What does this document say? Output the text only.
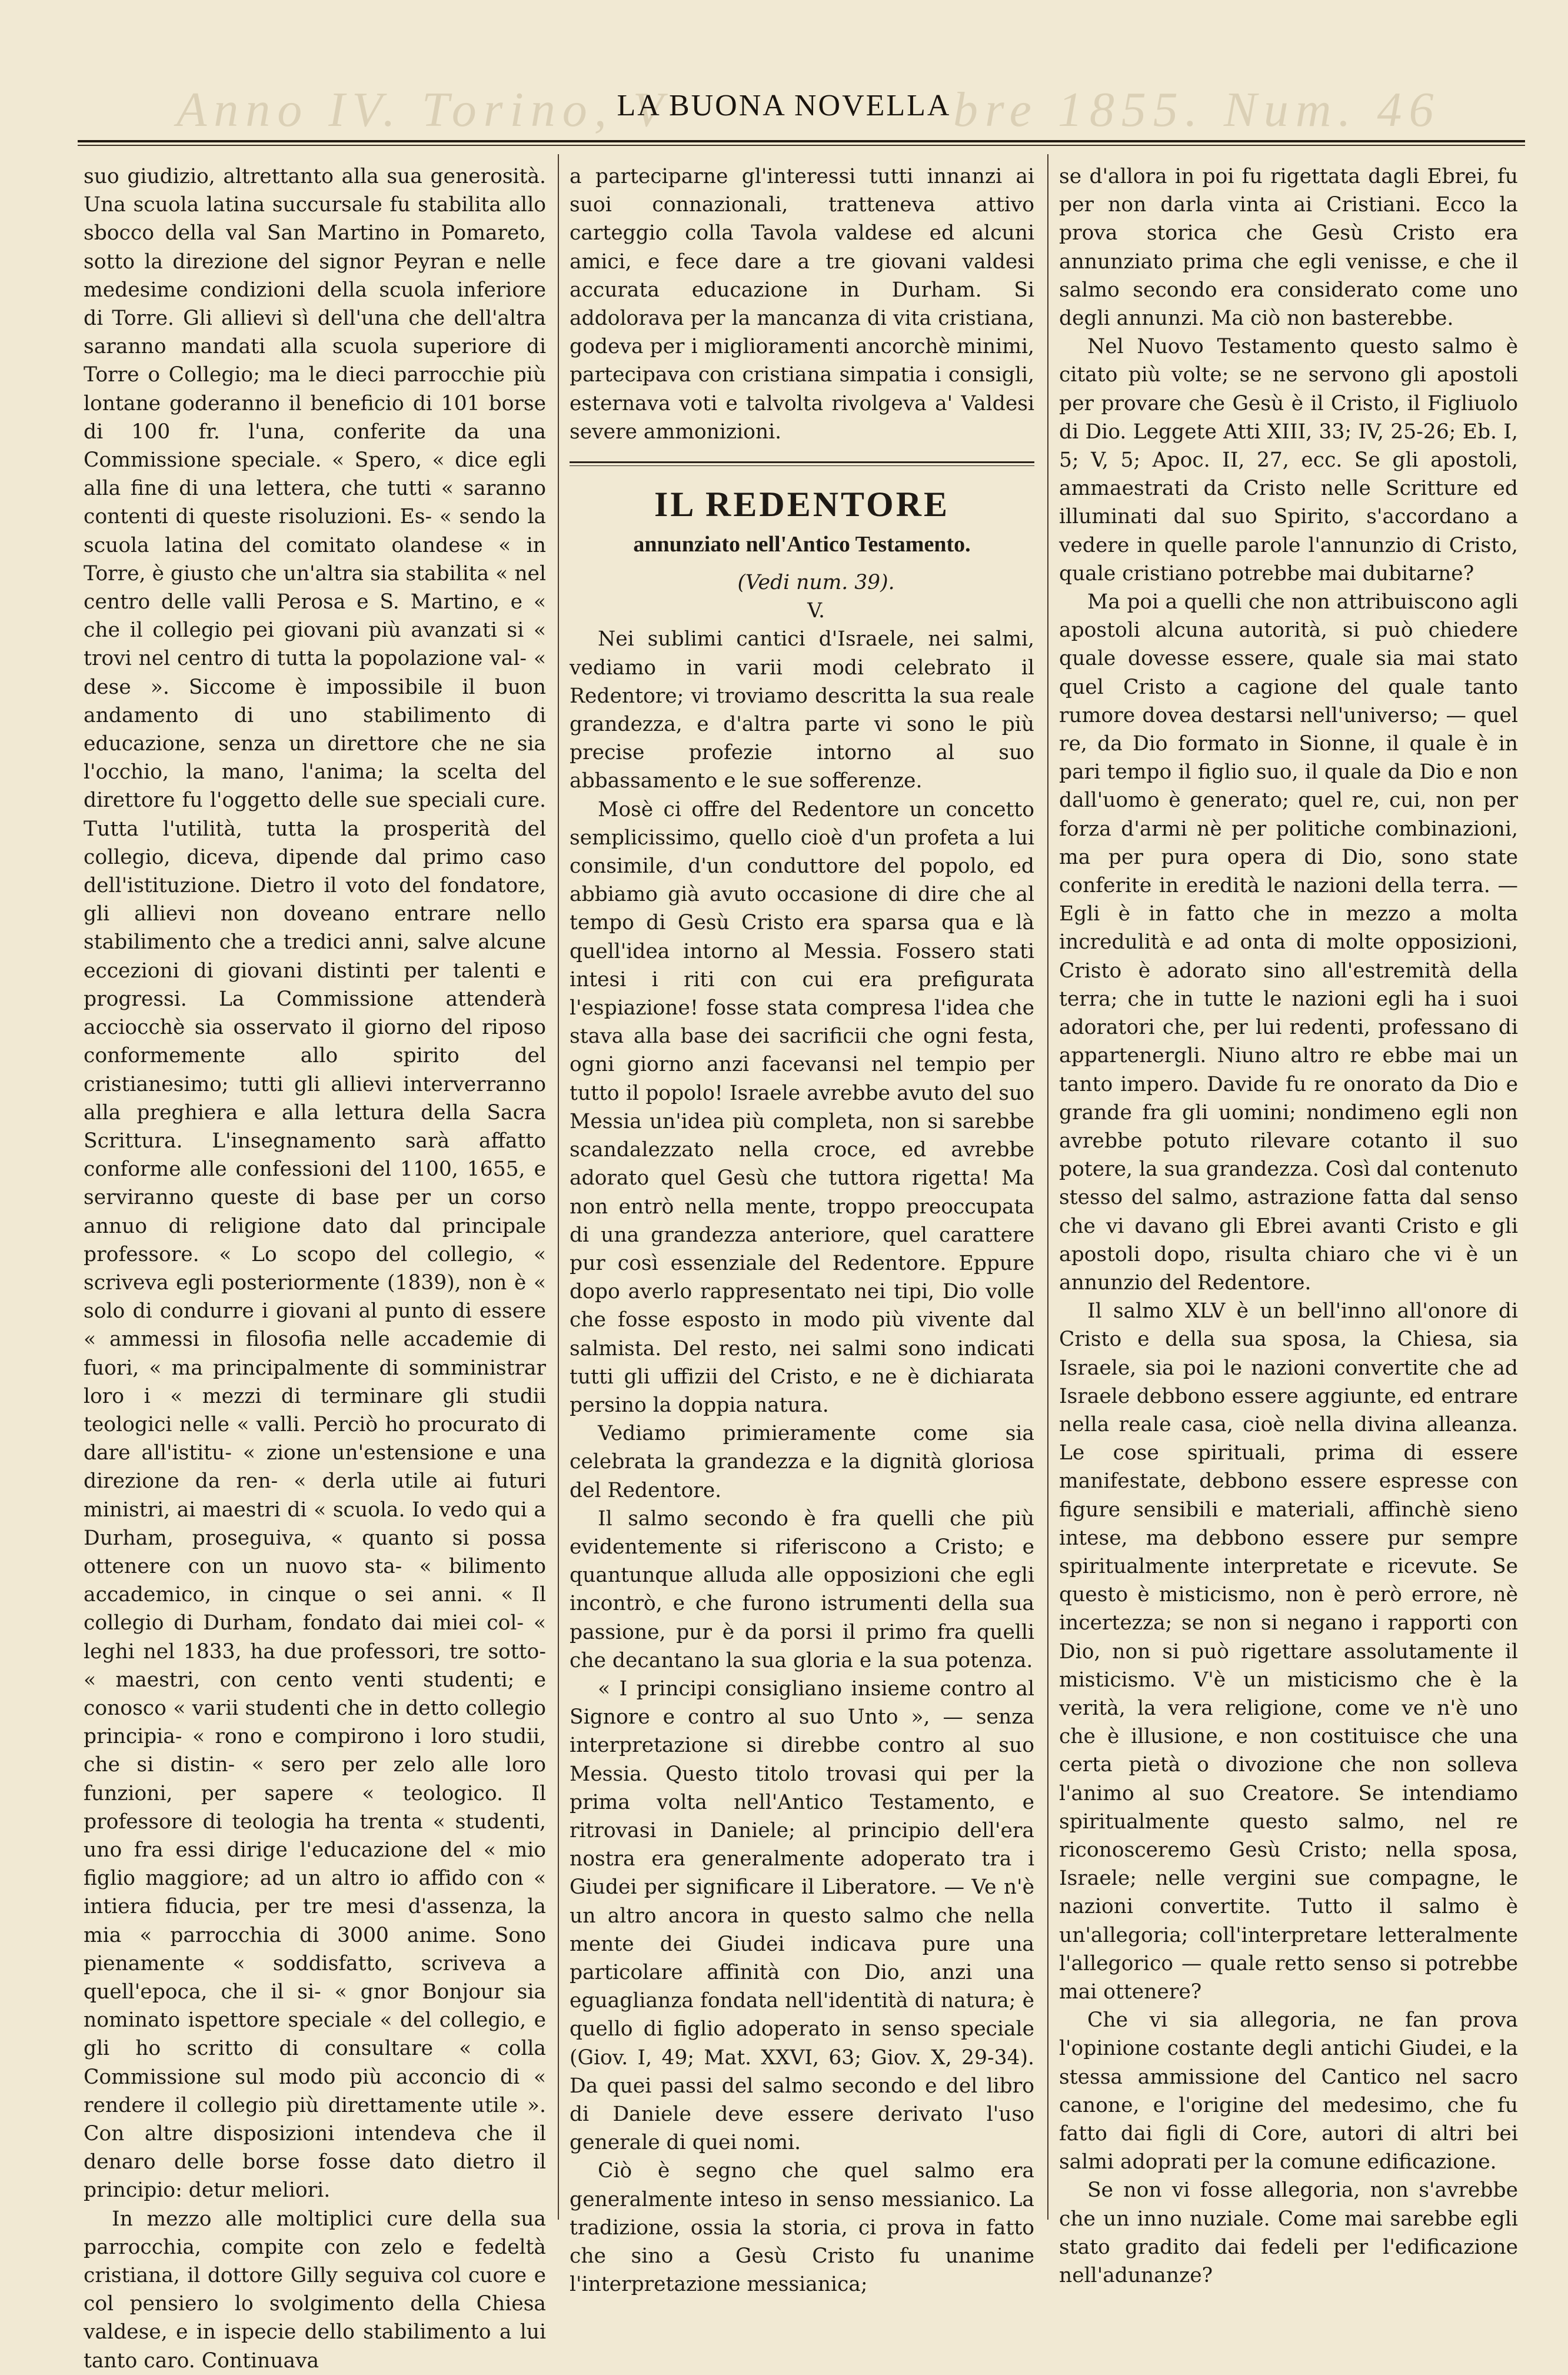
Anno IV. Torino, V	bre 1855. Num. 46
LA BUONA NOVELLA

suo giudizio, altrettanto alla sua generosità. Una scuola latina succursale fu stabilita allo sbocco della val San Martino in Pomareto, sotto la direzione del signor Peyran e nelle medesime condizioni della scuola inferiore di Torre. Gli allievi sì dell'una che dell'altra saranno mandati alla scuola superiore di Torre o Collegio; ma le dieci parrocchie più lontane goderanno il beneficio di 101 borse di 100 fr. l'una, conferite da una Commissione speciale. « Spero, « dice egli alla fine di una lettera, che tutti « saranno contenti di queste risoluzioni. Es- « sendo la scuola latina del comitato olandese « in Torre, è giusto che un'altra sia stabilita « nel centro delle valli Perosa e S. Martino, e « che il collegio pei giovani più avanzati si « trovi nel centro di tutta la popolazione val- « dese ». Siccome è impossibile il buon andamento di uno stabilimento di educazione, senza un direttore che ne sia l'occhio, la mano, l'anima; la scelta del direttore fu l'oggetto delle sue speciali cure. Tutta l'utilità, tutta la prosperità del collegio, diceva, dipende dal primo caso dell'istituzione. Dietro il voto del fondatore, gli allievi non doveano entrare nello stabilimento che a tredici anni, salve alcune eccezioni di giovani distinti per talenti e progressi. La Commissione attenderà acciocchè sia osservato il giorno del riposo conformemente allo spirito del cristianesimo; tutti gli allievi interverranno alla preghiera e alla lettura della Sacra Scrittura. L'insegnamento sarà affatto conforme alle confessioni del 1100, 1655, e serviranno queste di base per un corso annuo di religione dato dal principale professore. « Lo scopo del collegio, « scriveva egli posteriormente (1839), non è « solo di condurre i giovani al punto di essere « ammessi in filosofia nelle accademie di fuori, « ma principalmente di somministrar loro i « mezzi di terminare gli studii teologici nelle « valli. Perciò ho procurato di dare all'istitu- « zione un'estensione e una direzione da ren- « derla utile ai futuri ministri, ai maestri di « scuola. Io vedo qui a Durham, proseguiva, « quanto si possa ottenere con un nuovo sta- « bilimento accademico, in cinque o sei anni. « Il collegio di Durham, fondato dai miei col- « leghi nel 1833, ha due professori, tre sotto- « maestri, con cento venti studenti; e conosco « varii studenti che in detto collegio principia- « rono e compirono i loro studii, che si distin- « sero per zelo alle loro funzioni, per sapere « teologico. Il professore di teologia ha trenta « studenti, uno fra essi dirige l'educazione del « mio figlio maggiore; ad un altro io affido con « intiera fiducia, per tre mesi d'assenza, la mia « parrocchia di 3000 anime. Sono pienamente « soddisfatto, scriveva a quell'epoca, che il si- « gnor Bonjour sia nominato ispettore speciale « del collegio, e gli ho scritto di consultare « colla Commissione sul modo più acconcio di « rendere il collegio più direttamente utile ». Con altre disposizioni intendeva che il denaro delle borse fosse dato dietro il principio: detur meliori.

In mezzo alle moltiplici cure della sua parrocchia, compite con zelo e fedeltà cristiana, il dottore Gilly seguiva col cuore e col pensiero lo svolgimento della Chiesa valdese, e in ispecie dello stabilimento a lui tanto caro. Continuava

a parteciparne gl'interessi tutti innanzi ai suoi connazionali, tratteneva attivo carteggio colla Tavola valdese ed alcuni amici, e fece dare a tre giovani valdesi accurata educazione in Durham. Si addolorava per la mancanza di vita cristiana, godeva per i miglioramenti ancorchè minimi, partecipava con cristiana simpatia i consigli, esternava voti e talvolta rivolgeva a' Valdesi severe ammonizioni.

IL REDENTORE
annunziato nell'Antico Testamento.

(Vedi num. 39).

V.

Nei sublimi cantici d'Israele, nei salmi, vediamo in varii modi celebrato il Redentore; vi troviamo descritta la sua reale grandezza, e d'altra parte vi sono le più precise profezie intorno al suo abbassamento e le sue sofferenze.

Mosè ci offre del Redentore un concetto semplicissimo, quello cioè d'un profeta a lui consimile, d'un conduttore del popolo, ed abbiamo già avuto occasione di dire che al tempo di Gesù Cristo era sparsa qua e là quell'idea intorno al Messia. Fossero stati intesi i riti con cui era prefigurata l'espiazione! fosse stata compresa l'idea che stava alla base dei sacrificii che ogni festa, ogni giorno anzi facevansi nel tempio per tutto il popolo! Israele avrebbe avuto del suo Messia un'idea più completa, non si sarebbe scandalezzato nella croce, ed avrebbe adorato quel Gesù che tuttora rigetta! Ma non entrò nella mente, troppo preoccupata di una grandezza anteriore, quel carattere pur così essenziale del Redentore. Eppure dopo averlo rappresentato nei tipi, Dio volle che fosse esposto in modo più vivente dal salmista. Del resto, nei salmi sono indicati tutti gli uffizii del Cristo, e ne è dichiarata persino la doppia natura.

Vediamo primieramente come sia celebrata la grandezza e la dignità gloriosa del Redentore.

Il salmo secondo è fra quelli che più evidentemente si riferiscono a Cristo; e quantunque alluda alle opposizioni che egli incontrò, e che furono istrumenti della sua passione, pur è da porsi il primo fra quelli che decantano la sua gloria e la sua potenza.

« I principi consigliano insieme contro al Signore e contro al suo Unto », — senza interpretazione si direbbe contro al suo Messia. Questo titolo trovasi qui per la prima volta nell'Antico Testamento, e ritrovasi in Daniele; al principio dell'era nostra era generalmente adoperato tra i Giudei per significare il Liberatore. — Ve n'è un altro ancora in questo salmo che nella mente dei Giudei indicava pure una particolare affinità con Dio, anzi una eguaglianza fondata nell'identità di natura; è quello di figlio adoperato in senso speciale (Giov. I, 49; Mat. XXVI, 63; Giov. X, 29-34). Da quei passi del salmo secondo e del libro di Daniele deve essere derivato l'uso generale di quei nomi.

Ciò è segno che quel salmo era generalmente inteso in senso messianico. La tradizione, ossia la storia, ci prova in fatto che sino a Gesù Cristo fu unanime l'interpretazione messianica;

se d'allora in poi fu rigettata dagli Ebrei, fu per non darla vinta ai Cristiani. Ecco la prova storica che Gesù Cristo era annunziato prima che egli venisse, e che il salmo secondo era considerato come uno degli annunzi. Ma ciò non basterebbe.

Nel Nuovo Testamento questo salmo è citato più volte; se ne servono gli apostoli per provare che Gesù è il Cristo, il Figliuolo di Dio. Leggete Atti XIII, 33; IV, 25-26; Eb. I, 5; V, 5; Apoc. II, 27, ecc. Se gli apostoli, ammaestrati da Cristo nelle Scritture ed illuminati dal suo Spirito, s'accordano a vedere in quelle parole l'annunzio di Cristo, quale cristiano potrebbe mai dubitarne?

Ma poi a quelli che non attribuiscono agli apostoli alcuna autorità, si può chiedere quale dovesse essere, quale sia mai stato quel Cristo a cagione del quale tanto rumore dovea destarsi nell'universo; — quel re, da Dio formato in Sionne, il quale è in pari tempo il figlio suo, il quale da Dio e non dall'uomo è generato; quel re, cui, non per forza d'armi nè per politiche combinazioni, ma per pura opera di Dio, sono state conferite in eredità le nazioni della terra. — Egli è in fatto che in mezzo a molta incredulità e ad onta di molte opposizioni, Cristo è adorato sino all'estremità della terra; che in tutte le nazioni egli ha i suoi adoratori che, per lui redenti, professano di appartenergli. Niuno altro re ebbe mai un tanto impero. Davide fu re onorato da Dio e grande fra gli uomini; nondimeno egli non avrebbe potuto rilevare cotanto il suo potere, la sua grandezza. Così dal contenuto stesso del salmo, astrazione fatta dal senso che vi davano gli Ebrei avanti Cristo e gli apostoli dopo, risulta chiaro che vi è un annunzio del Redentore.

Il salmo XLV è un bell'inno all'onore di Cristo e della sua sposa, la Chiesa, sia Israele, sia poi le nazioni convertite che ad Israele debbono essere aggiunte, ed entrare nella reale casa, cioè nella divina alleanza. Le cose spirituali, prima di essere manifestate, debbono essere espresse con figure sensibili e materiali, affinchè sieno intese, ma debbono essere pur sempre spiritualmente interpretate e ricevute. Se questo è misticismo, non è però errore, nè incertezza; se non si negano i rapporti con Dio, non si può rigettare assolutamente il misticismo. V'è un misticismo che è la verità, la vera religione, come ve n'è uno che è illusione, e non costituisce che una certa pietà o divozione che non solleva l'animo al suo Creatore. Se intendiamo spiritualmente questo salmo, nel re riconosceremo Gesù Cristo; nella sposa, Israele; nelle vergini sue compagne, le nazioni convertite. Tutto il salmo è un'allegoria; coll'interpretare letteralmente l'allegorico — quale retto senso si potrebbe mai ottenere?

Che vi sia allegoria, ne fan prova l'opinione costante degli antichi Giudei, e la stessa ammissione del Cantico nel sacro canone, e l'origine del medesimo, che fu fatto dai figli di Core, autori di altri bei salmi adoprati per la comune edificazione.

Se non vi fosse allegoria, non s'avrebbe che un inno nuziale. Come mai sarebbe egli stato gradito dai fedeli per l'edificazione nell'adunanze?
